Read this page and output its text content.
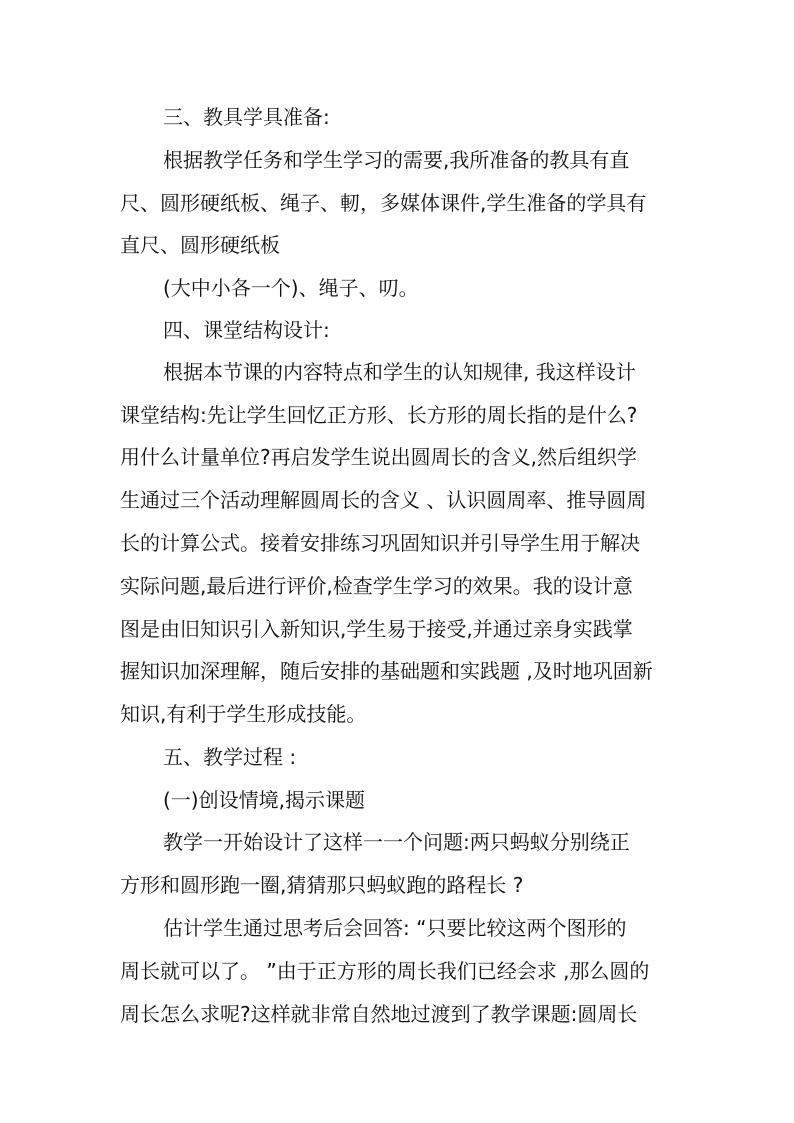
三、教具学具准备:
根据教学任务和学生学习的需要,我所准备的教具有直
尺、圆形硬纸板、绳子、軔，多媒体课件,学生准备的学具有
直尺、圆形硬纸板
(大中小各一个)、绳子、叨。
四、课堂结构设计:
根据本节课的内容特点和学生的认知规律, 我这样设计
课堂结构:先让学生回忆正方形、长方形的周长指的是什么?
用什么计量单位?再启发学生说出圆周长的含义,然后组织学
生通过三个活动理解圆周长的含义 、认识圆周率、推导圆周
长的计算公式。接着安排练习巩固知识并引导学生用于解决
实际问题,最后进行评价,检查学生学习的效果。我的设计意
图是由旧知识引入新知识,学生易于接受,并通过亲身实践掌
握知识加深理解，随后安排的基础题和实践题 ,及时地巩固新
知识,有利于学生形成技能。
五、教学过程 :
(一)创设情境,揭示课题
教学一开始设计了这样一一个问题:两只蚂蚁分别绕正
方形和圆形跑一圈,猜猜那只蚂蚁跑的路程长 ?
估计学生通过思考后会回答: “只要比较这两个图形的
周长就可以了。 ”由于正方形的周长我们已经会求 ,那么圆的
周长怎么求呢?这样就非常自然地过渡到了教学课题:圆周长
